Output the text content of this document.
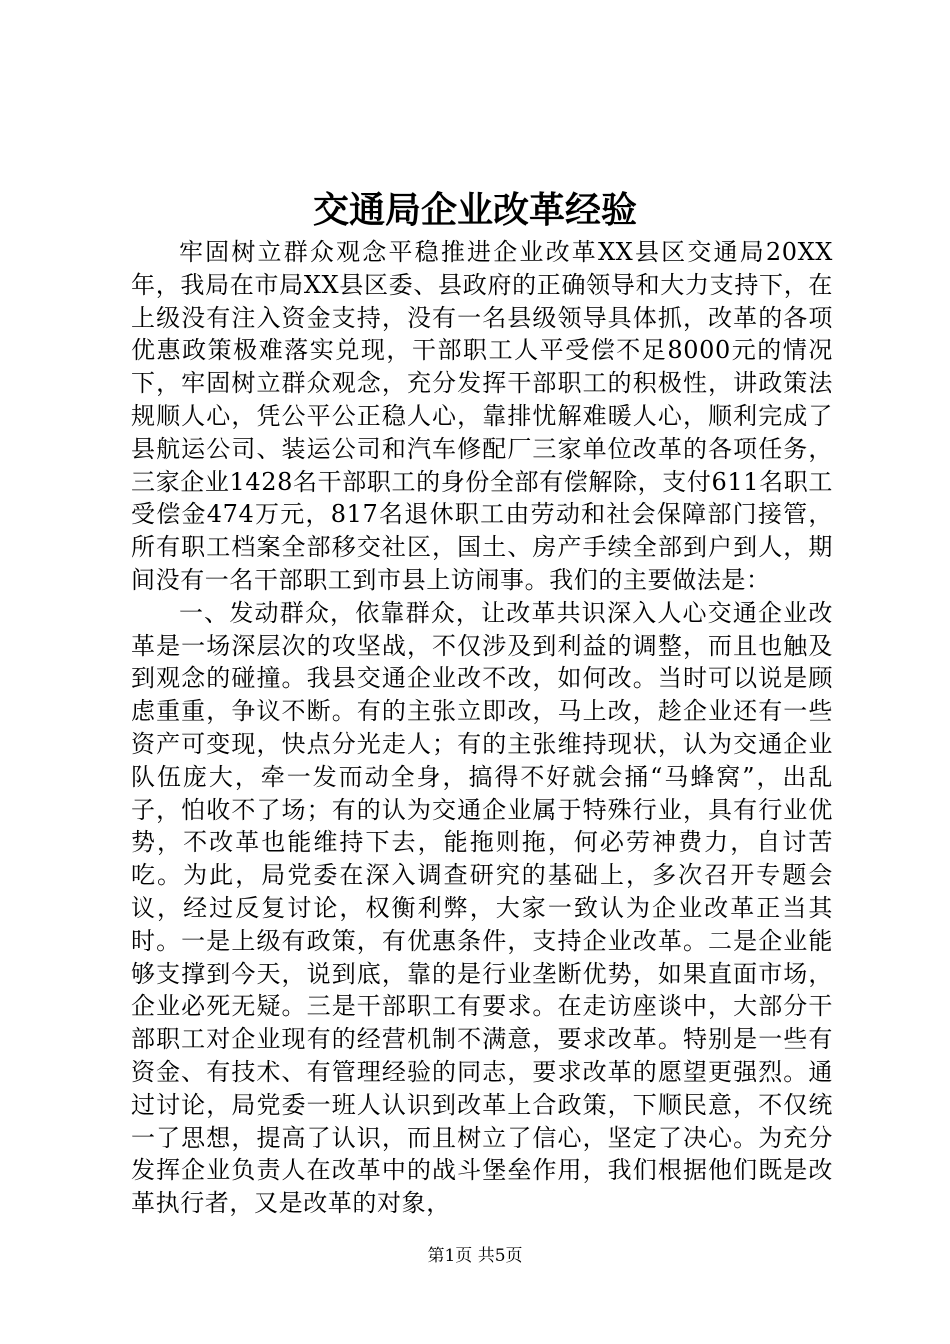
交通局企业改革经验

牢固树立群众观念平稳推进企业改革XX县区交通局20XX年，我局在市局XX县区委、县政府的正确领导和大力支持下，在上级没有注入资金支持，没有一名县级领导具体抓，改革的各项优惠政策极难落实兑现，干部职工人平受偿不足8000元的情况下，牢固树立群众观念，充分发挥干部职工的积极性，讲政策法规顺人心，凭公平公正稳人心，靠排忧解难暖人心，顺利完成了县航运公司、装运公司和汽车修配厂三家单位改革的各项任务，三家企业1428名干部职工的身份全部有偿解除，支付611名职工受偿金474万元，817名退休职工由劳动和社会保障部门接管，所有职工档案全部移交社区，国土、房产手续全部到户到人，期间没有一名干部职工到市县上访闹事。我们的主要做法是：

一、发动群众，依靠群众，让改革共识深入人心交通企业改革是一场深层次的攻坚战，不仅涉及到利益的调整，而且也触及到观念的碰撞。我县交通企业改不改，如何改。当时可以说是顾虑重重，争议不断。有的主张立即改，马上改，趁企业还有一些资产可变现，快点分光走人；有的主张维持现状，认为交通企业队伍庞大，牵一发而动全身，搞得不好就会捅“马蜂窝”，出乱子，怕收不了场；有的认为交通企业属于特殊行业，具有行业优势，不改革也能维持下去，能拖则拖，何必劳神费力，自讨苦吃。为此，局党委在深入调查研究的基础上，多次召开专题会议，经过反复讨论，权衡利弊，大家一致认为企业改革正当其时。一是上级有政策，有优惠条件，支持企业改革。二是企业能够支撑到今天，说到底，靠的是行业垄断优势，如果直面市场，企业必死无疑。三是干部职工有要求。在走访座谈中，大部分干部职工对企业现有的经营机制不满意，要求改革。特别是一些有资金、有技术、有管理经验的同志，要求改革的愿望更强烈。通过讨论，局党委一班人认识到改革上合政策，下顺民意，不仅统一了思想，提高了认识，而且树立了信心，坚定了决心。为充分发挥企业负责人在改革中的战斗堡垒作用，我们根据他们既是改革执行者，又是改革的对象，

第1页 共5页
